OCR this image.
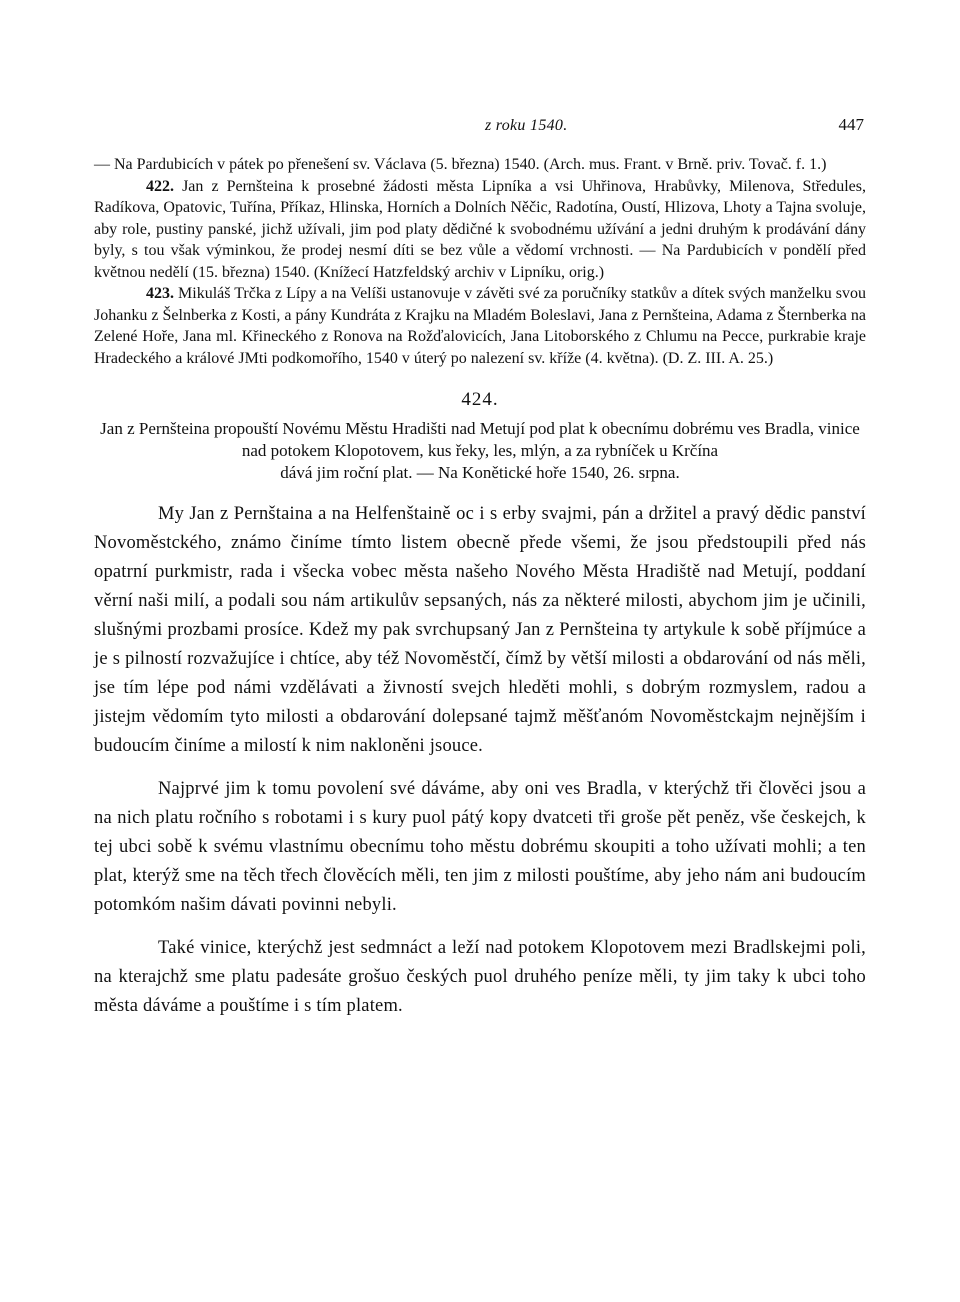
z roku 1540.	447

— Na Pardubicích v pátek po přenešení sv. Václava (5. března) 1540. (Arch. mus. Frant. v Brně. priv. Tovač. f. 1.)

422. Jan z Pernšteina k prosebné žádosti města Lipníka a vsi Uhřinova, Hrabůvky, Milenova, Středules, Radíkova, Opatovic, Tuřína, Příkaz, Hlinska, Horních a Dolních Něčic, Radotína, Oustí, Hlizova, Lhoty a Tajna svoluje, aby role, pustiny panské, jichž užívali, jim pod platy dědičné k svobodnému užívání a jedni druhým k prodávání dány byly, s tou však výminkou, že prodej nesmí díti se bez vůle a vědomí vrchnosti. — Na Pardubicích v pondělí před květnou nedělí (15. března) 1540. (Knížecí Hatzfeldský archiv v Lipníku, orig.)

423. Mikuláš Trčka z Lípy a na Velíši ustanovuje v závěti své za poručníky statkův a dítek svých manželku svou Johanku z Šelnberka z Kosti, a pány Kundráta z Krajku na Mladém Boleslavi, Jana z Pernšteina, Adama z Šternberka na Zelené Hoře, Jana ml. Křineckého z Ronova na Rožďalovicích, Jana Litoborského z Chlumu na Pecce, purkrabie kraje Hradeckého a králové JMti podkomořího, 1540 v úterý po nalezení sv. kříže (4. května). (D. Z. III. A. 25.)

424.

Jan z Pernšteina propouští Novému Městu Hradišti nad Metují pod plat k obecnímu dobrému ves Bradla, vinice nad potokem Klopotovem, kus řeky, les, mlýn, a za rybníček u Krčína
dává jim roční plat. — Na Konětické hoře 1540, 26. srpna.

My Jan z Pernštaina a na Helfenštaině oc i s erby svajmi, pán a držitel a pravý dědic panství Novoměstckého, známo činíme tímto listem obecně přede všemi, že jsou předstoupili před nás opatrní purkmistr, rada i všecka vobec města našeho Nového Města Hradiště nad Metují, poddaní věrní naši milí, a podali sou nám artikulův sepsaných, nás za některé milosti, abychom jim je učinili, slušnými prozbami prosíce. Kdež my pak svrchupsaný Jan z Pernšteina ty artykule k sobě příjmúce a je s pilností rozvažujíce i chtíce, aby též Novoměstčí, čímž by větší milosti a obdarování od nás měli, jse tím lépe pod námi vzdělávati a živností svejch hleděti mohli, s dobrým rozmyslem, radou a jistejm vědomím tyto milosti a obdarování dolepsané tajmž měšťanóm Novoměstckajm nejnějším i budoucím činíme a milostí k nim nakloněni jsouce.

Najprvé jim k tomu povolení své dáváme, aby oni ves Bradla, v kterýchž tři člověci jsou a na nich platu ročního s robotami i s kury puol pátý kopy dvatceti tři groše pět peněz, vše českejch, k tej ubci sobě k svému vlastnímu obecnímu toho městu dobrému skoupiti a toho užívati mohli; a ten plat, kterýž sme na těch třech člověcích měli, ten jim z milosti pouštíme, aby jeho nám ani budoucím potomkóm našim dávati povinni nebyli.

Také vinice, kterýchž jest sedmnáct a leží nad potokem Klopotovem mezi Bradlskejmi poli, na kterajchž sme platu padesáte grošuo českých puol druhého peníze měli, ty jim taky k ubci toho města dáváme a pouštíme i s tím platem.
